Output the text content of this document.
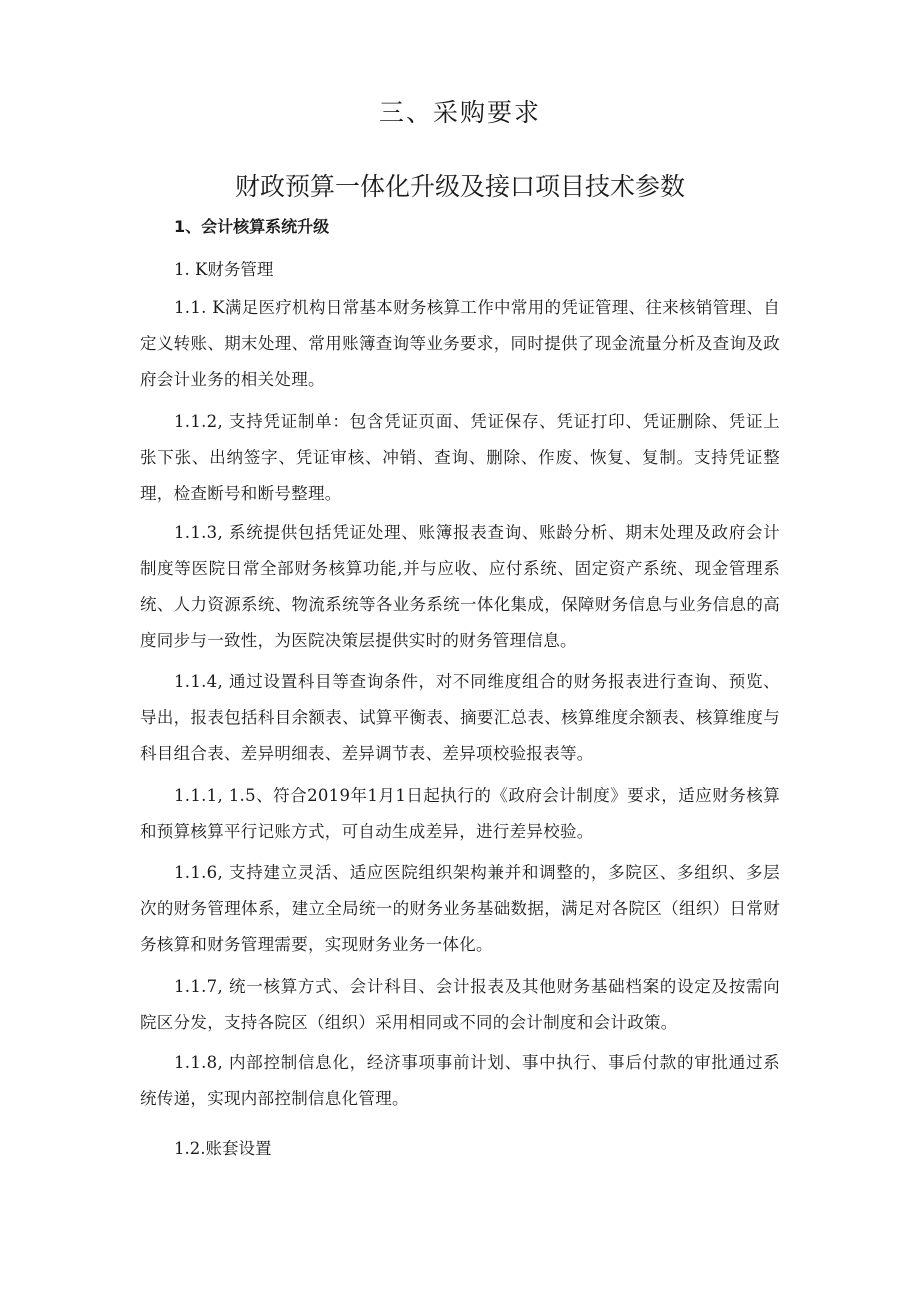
三、采购要求
财政预算一体化升级及接口项目技术参数
1、会计核算系统升级
1. K财务管理

1.1. K满足医疗机构日常基本财务核算工作中常用的凭证管理、往来核销管理、自定义转账、期末处理、常用账簿查询等业务要求，同时提供了现金流量分析及查询及政府会计业务的相关处理。

1.1.2, 支持凭证制单：包含凭证页面、凭证保存、凭证打印、凭证删除、凭证上张下张、出纳签字、凭证审核、冲销、查询、删除、作废、恢复、复制。支持凭证整理，检查断号和断号整理。

1.1.3, 系统提供包括凭证处理、账簿报表查询、账龄分析、期末处理及政府会计制度等医院日常全部财务核算功能,并与应收、应付系统、固定资产系统、现金管理系统、人力资源系统、物流系统等各业务系统一体化集成，保障财务信息与业务信息的高度同步与一致性，为医院决策层提供实时的财务管理信息。

1.1.4, 通过设置科目等查询条件，对不同维度组合的财务报表进行查询、预览、导出，报表包括科目余额表、试算平衡表、摘要汇总表、核算维度余额表、核算维度与科目组合表、差异明细表、差异调节表、差异项校验报表等。

1.1.1, 1.5、符合2019年1月1日起执行的《政府会计制度》要求，适应财务核算和预算核算平行记账方式，可自动生成差异，进行差异校验。

1.1.6, 支持建立灵活、适应医院组织架构兼并和调整的，多院区、多组织、多层次的财务管理体系，建立全局统一的财务业务基础数据，满足对各院区（组织）日常财务核算和财务管理需要，实现财务业务一体化。

1.1.7, 统一核算方式、会计科目、会计报表及其他财务基础档案的设定及按需向院区分发，支持各院区（组织）采用相同或不同的会计制度和会计政策。

1.1.8, 内部控制信息化，经济事项事前计划、事中执行、事后付款的审批通过系统传递，实现内部控制信息化管理。

1.2.账套设置
